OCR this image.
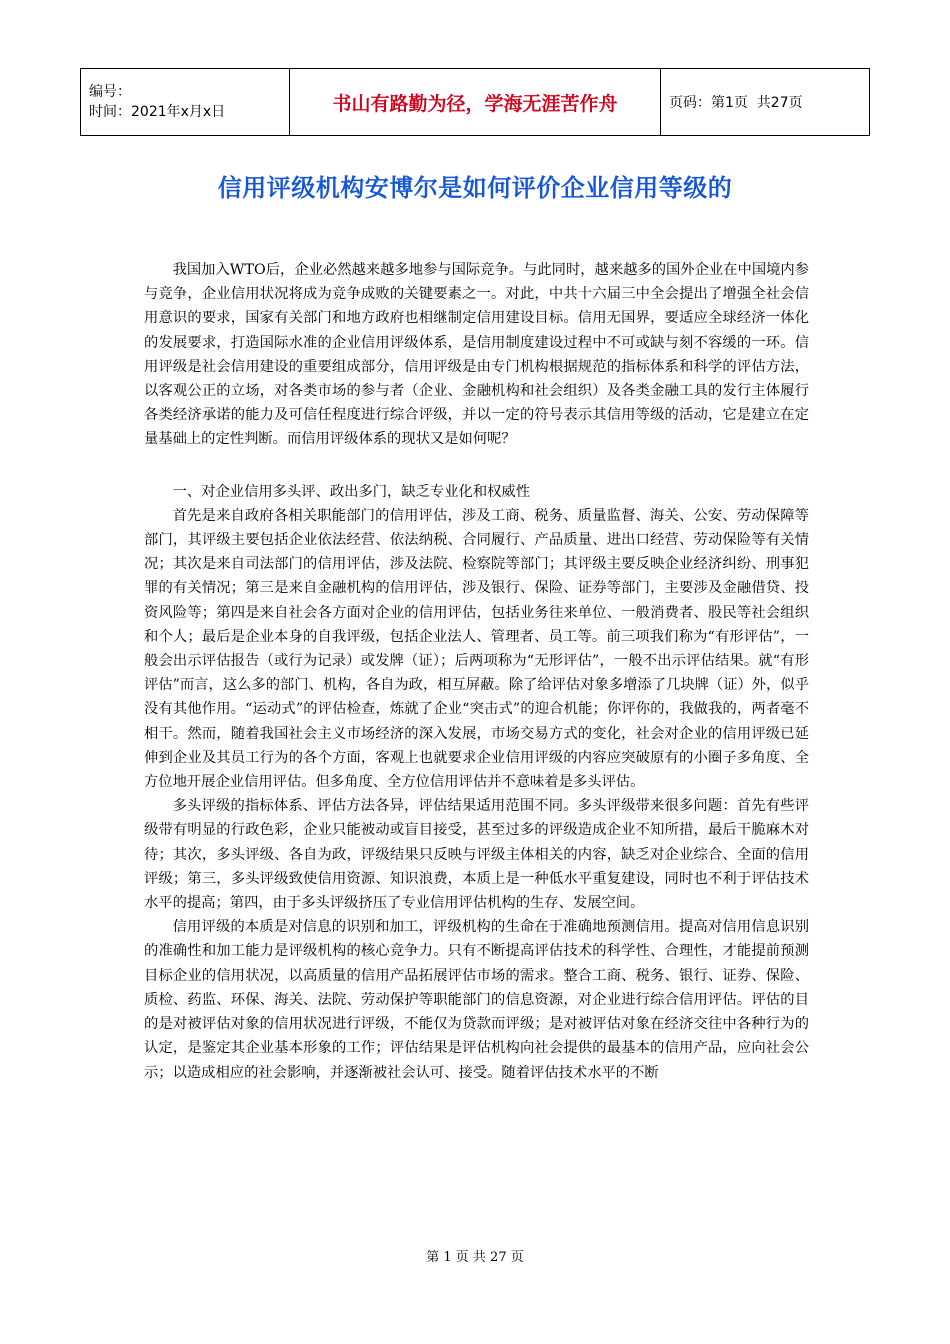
编号：
时间：2021年x月x日	书山有路勤为径，学海无涯苦作舟	页码：第1页  共27页
信用评级机构安博尔是如何评价企业信用等级的

我国加入WTO后，企业必然越来越多地参与国际竞争。与此同时，越来越多的国外企业在中国境内参与竞争，企业信用状况将成为竞争成败的关键要素之一。对此，中共十六届三中全会提出了增强全社会信用意识的要求，国家有关部门和地方政府也相继制定信用建设目标。信用无国界，要适应全球经济一体化的发展要求，打造国际水准的企业信用评级体系，是信用制度建设过程中不可或缺与刻不容缓的一环。信用评级是社会信用建设的重要组成部分，信用评级是由专门机构根据规范的指标体系和科学的评估方法，以客观公正的立场，对各类市场的参与者（企业、金融机构和社会组织）及各类金融工具的发行主体履行各类经济承诺的能力及可信任程度进行综合评级，并以一定的符号表示其信用等级的活动，它是建立在定量基础上的定性判断。而信用评级体系的现状又是如何呢？

一、对企业信用多头评、政出多门，缺乏专业化和权威性

首先是来自政府各相关职能部门的信用评估，涉及工商、税务、质量监督、海关、公安、劳动保障等部门，其评级主要包括企业依法经营、依法纳税、合同履行、产品质量、进出口经营、劳动保险等有关情况；其次是来自司法部门的信用评估，涉及法院、检察院等部门；其评级主要反映企业经济纠纷、刑事犯罪的有关情况；第三是来自金融机构的信用评估，涉及银行、保险、证券等部门，主要涉及金融借贷、投资风险等；第四是来自社会各方面对企业的信用评估，包括业务往来单位、一般消费者、股民等社会组织和个人；最后是企业本身的自我评级，包括企业法人、管理者、员工等。前三项我们称为“有形评估”，一般会出示评估报告（或行为记录）或发牌（证）；后两项称为“无形评估”，一般不出示评估结果。就“有形评估”而言，这么多的部门、机构，各自为政，相互屏蔽。除了给评估对象多增添了几块牌（证）外，似乎没有其他作用。“运动式”的评估检查，炼就了企业“突击式”的迎合机能；你评你的，我做我的，两者毫不相干。然而，随着我国社会主义市场经济的深入发展，市场交易方式的变化，社会对企业的信用评级已延伸到企业及其员工行为的各个方面，客观上也就要求企业信用评级的内容应突破原有的小圈子多角度、全方位地开展企业信用评估。但多角度、全方位信用评估并不意味着是多头评估。

多头评级的指标体系、评估方法各异，评估结果适用范围不同。多头评级带来很多问题：首先有些评级带有明显的行政色彩，企业只能被动或盲目接受，甚至过多的评级造成企业不知所措，最后干脆麻木对待；其次，多头评级、各自为政，评级结果只反映与评级主体相关的内容，缺乏对企业综合、全面的信用评级；第三，多头评级致使信用资源、知识浪费，本质上是一种低水平重复建设，同时也不利于评估技术水平的提高；第四，由于多头评级挤压了专业信用评估机构的生存、发展空间。

信用评级的本质是对信息的识别和加工，评级机构的生命在于准确地预测信用。提高对信用信息识别的准确性和加工能力是评级机构的核心竞争力。只有不断提高评估技术的科学性、合理性，才能提前预测目标企业的信用状况，以高质量的信用产品拓展评估市场的需求。整合工商、税务、银行、证券、保险、质检、药监、环保、海关、法院、劳动保护等职能部门的信息资源，对企业进行综合信用评估。评估的目的是对被评估对象的信用状况进行评级，不能仅为贷款而评级；是对被评估对象在经济交往中各种行为的认定，是鉴定其企业基本形象的工作；评估结果是评估机构向社会提供的最基本的信用产品，应向社会公示；以造成相应的社会影响，并逐渐被社会认可、接受。随着评估技术水平的不断

第 1 页 共 27 页
